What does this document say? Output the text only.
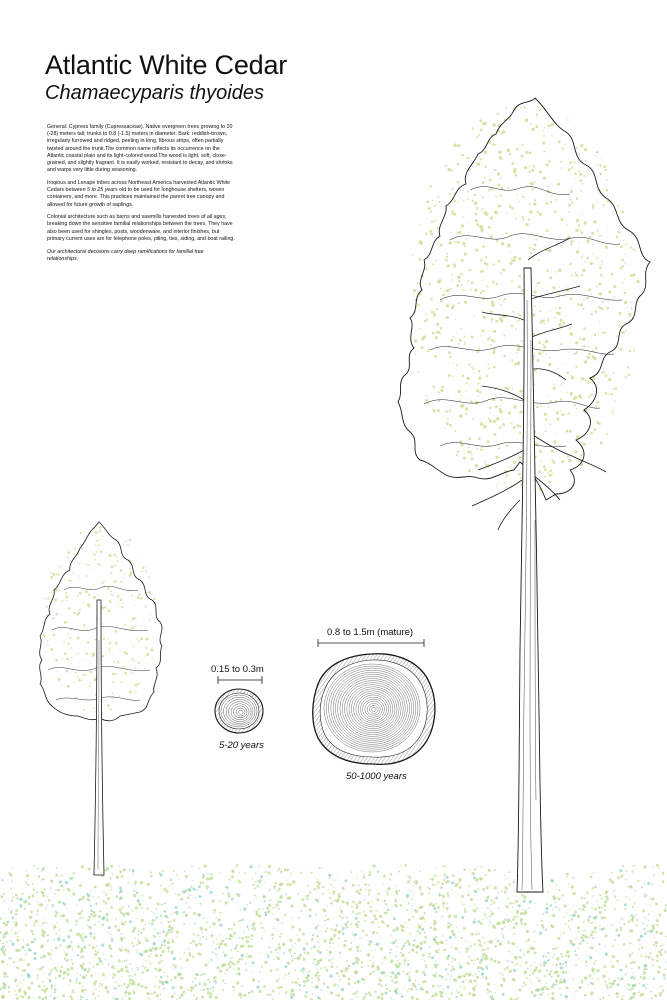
Atlantic White Cedar
Chamaecyparis thyoides

General: Cypress family (Cupressaceae). Native evergreen trees growing to 20 (-28) meters tall; trunks to 0.8 (-1.5) meters in diameter. Bark: reddish-brown, irregularly furrowed and ridged, peeling in long, fibrous strips, often partially twisted around the trunk.The common name reflects its occurrence on the Atlantic coastal plain and its light-colored wood.The wood is light, soft, close-grained, and slightly fragrant. It is easily worked, resistant to decay, and shrinks and warps very little during seasoning.

Iroqious and Lenape tribes across Northeast America harvested Atlantic White Cedars between 5 to 25 years old to be used for longhouse shelters, woven containers, and more. This practices maintained the parent tree canopy and allowed for future growth of saplings.

Colonial architecture such as barns and sawmills harvested trees of all ages, breaking down the sensitive familial relationships between the trees. They have also been used for shingles, posts, woodenware, and interior finishes, but primary current uses are for telephone poles, piling, ties, siding, and boat railing.

Our architectural decisions carry deep ramifications for familial tree relationships.

0.15 to 0.3m
5-20 years
0.8 to 1.5m (mature)
50-1000 years
